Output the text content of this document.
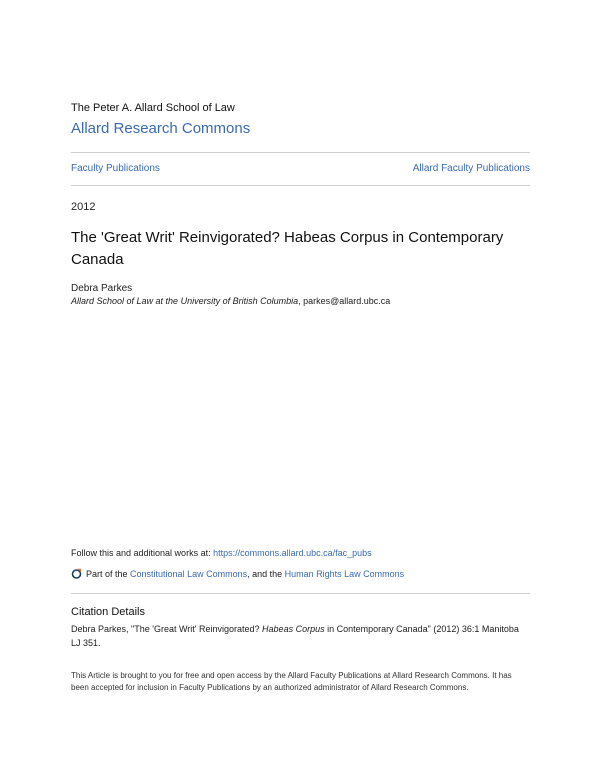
The Peter A. Allard School of Law
Allard Research Commons
Faculty Publications	Allard Faculty Publications
2012
The 'Great Writ' Reinvigorated? Habeas Corpus in Contemporary Canada
Debra Parkes
Allard School of Law at the University of British Columbia, parkes@allard.ubc.ca
Follow this and additional works at: https://commons.allard.ubc.ca/fac_pubs
Part of the Constitutional Law Commons, and the Human Rights Law Commons
Citation Details
Debra Parkes, "The 'Great Writ' Reinvigorated? Habeas Corpus in Contemporary Canada" (2012) 36:1 Manitoba LJ 351.
This Article is brought to you for free and open access by the Allard Faculty Publications at Allard Research Commons. It has been accepted for inclusion in Faculty Publications by an authorized administrator of Allard Research Commons.
